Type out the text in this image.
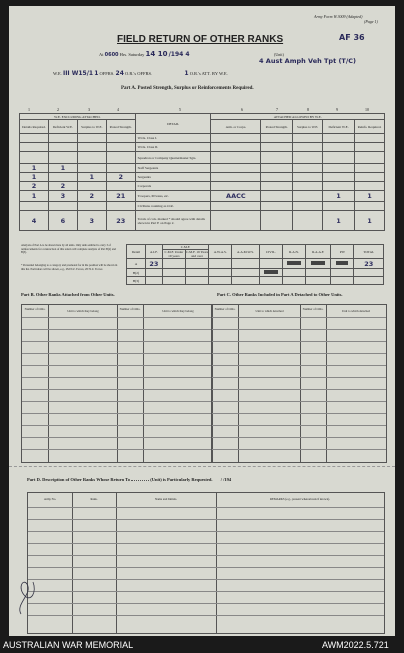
Army Form W.3009 (Adapted)
(Page 1)
FIELD RETURN OF OTHER RANKS	AF 36
At 0600 Hrs. Saturday 14 10 /194 4	(Unit)
4 Aust Amph Veh Tpt (T/C)
W.E. III W15/1 1 OFFRS. 24 O.R.'s OFFRS.	1 O.R.'s ATT. BY W.E.
Part A. Posted Strength, Surplus or Reinforcements Required.
1	2	3	4	5	6	7	8	9	10
W.E. EXCLUDING ATTACHED.				DETAIL	ATTACHED ALLOWED BY W.E.				
Details Required.	Deficient W.E.	Surplus to W.E.	Posted Strength.		Arm. or Corps.	Posted Strength.	Surplus to W.E.	Deficient W.E.	Reinfs. Required.
				W.Os. Class I.					
				W.Os. Class II.					
				Squadron or Company Quartermaster Sgts.					
1	1			Staff Sergeants					
1		1	2	Sergeants					
2	2			Corporals					
1	3	2	21	Troopers, Privates, etc.	AACC			1	1
				Civilians counting as O.R.					
4	6	3	23	Totals of cols. marked * should agree with details shown in Part E on Page 2.				1	1
Analysis of Part A to be shown here by all units. Only units entitled to carry 3 of reinforcements for construction of this return will complete analysis of Part B(2) and B(3).
* Personnel belonging to a category and promoted for in the position will be shown in this list. Particulars will be shown, e.g., 2M N.Z. Forces, 2N N.Z. Forces
Detail	A.I.F.	C.M.F.		A.W.A.S.	A.A.M.W.S.	CIVIL.	R.A.N.	R.A.A.F.	PW	TOTAL
		C.M.F. Under 19 years	C.M.F. 19 Years and over							
A	23									23
B(2)										
B(3)										
Part B. Other Ranks Attached from Other Units.
Number of O.Rs.	Unit to which they belong	Number of O.Rs.	Unit to which they belong
Part C. Other Ranks Included in Part A Detached to Other Units.
Number of O.Rs.	Unit to which detached	Number of O.Rs.	Unit to which detached
Part D. Description of Other Ranks Whose Return To	(Unit) is Particularly Requested. / /194
Army No.	Rank.	Name and Initials.	REMARKS (e.g., present whereabouts if known).
AUSTRALIAN WAR MEMORIAL	AWM2022.5.721
